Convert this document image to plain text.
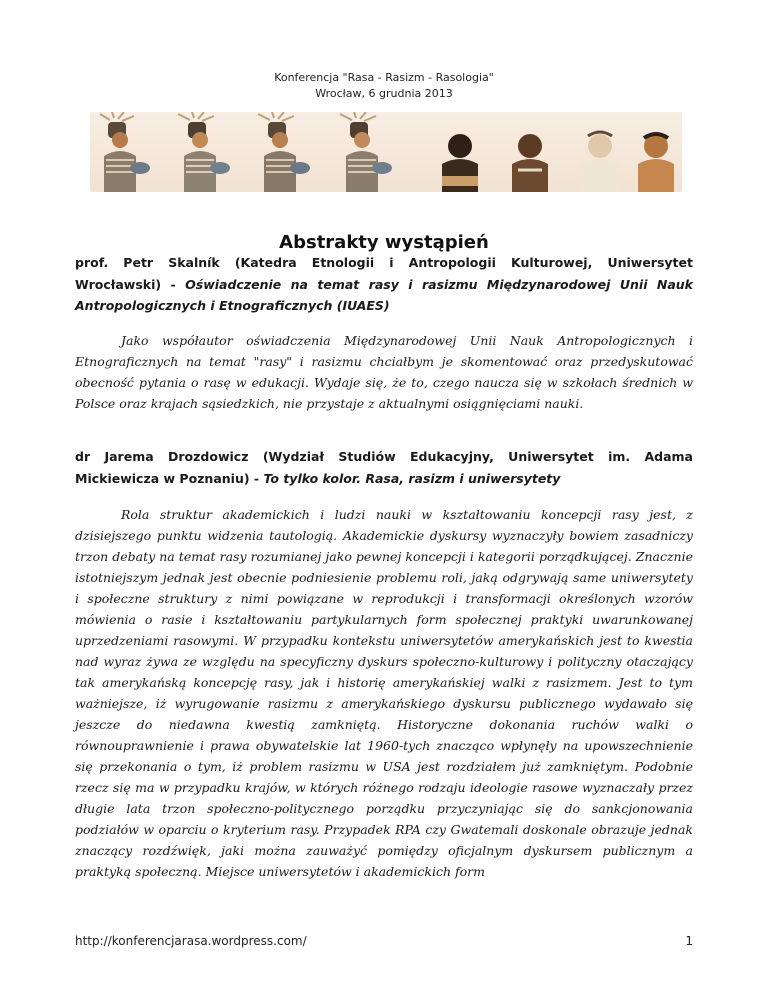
Konferencja "Rasa - Rasizm - Rasologia"
Wrocław, 6 grudnia 2013
Abstrakty wystąpień

prof. Petr Skalník (Katedra Etnologii i Antropologii Kulturowej, Uniwersytet Wrocławski) - Oświadczenie na temat rasy i rasizmu Międzynarodowej Unii Nauk Antropologicznych i Etnograficznych (IUAES)

Jako współautor oświadczenia Międzynarodowej Unii Nauk Antropologicznych i Etnograficznych na temat "rasy" i rasizmu chciałbym je skomentować oraz przedyskutować obecność pytania o rasę w edukacji. Wydaje się, że to, czego naucza się w szkołach średnich w Polsce oraz krajach sąsiedzkich, nie przystaje z aktualnymi osiągnięciami nauki.

dr Jarema Drozdowicz (Wydział Studiów Edukacyjny, Uniwersytet im. Adama Mickiewicza w Poznaniu) - To tylko kolor. Rasa, rasizm i uniwersytety

Rola struktur akademickich i ludzi nauki w kształtowaniu koncepcji rasy jest, z dzisiejszego punktu widzenia tautologią. Akademickie dyskursy wyznaczyły bowiem zasadniczy trzon debaty na temat rasy rozumianej jako pewnej koncepcji i kategorii porządkującej. Znacznie istotniejszym jednak jest obecnie podniesienie problemu roli, jaką odgrywają same uniwersytety i społeczne struktury z nimi powiązane w reprodukcji i transformacji określonych wzorów mówienia o rasie i kształtowaniu partykularnych form społecznej praktyki uwarunkowanej uprzedzeniami rasowymi. W przypadku kontekstu uniwersytetów amerykańskich jest to kwestia nad wyraz żywa ze względu na specyficzny dyskurs społeczno-kulturowy i polityczny otaczający tak amerykańską koncepcję rasy, jak i historię amerykańskiej walki z rasizmem. Jest to tym ważniejsze, iż wyrugowanie rasizmu z amerykańskiego dyskursu publicznego wydawało się jeszcze do niedawna kwestią zamkniętą. Historyczne dokonania ruchów walki o równouprawnienie i prawa obywatelskie lat 1960-tych znacząco wpłynęły na upowszechnienie się przekonania o tym, iż problem rasizmu w USA jest rozdziałem już zamkniętym. Podobnie rzecz się ma w przypadku krajów, w których różnego rodzaju ideologie rasowe wyznaczały przez długie lata trzon społeczno-politycznego porządku przyczyniając się do sankcjonowania podziałów w oparciu o kryterium rasy. Przypadek RPA czy Gwatemali doskonale obrazuje jednak znaczący rozdźwięk, jaki można zauważyć pomiędzy oficjalnym dyskursem publicznym a praktyką społeczną. Miejsce uniwersytetów i akademickich form

http://konferencjarasa.wordpress.com/	1
